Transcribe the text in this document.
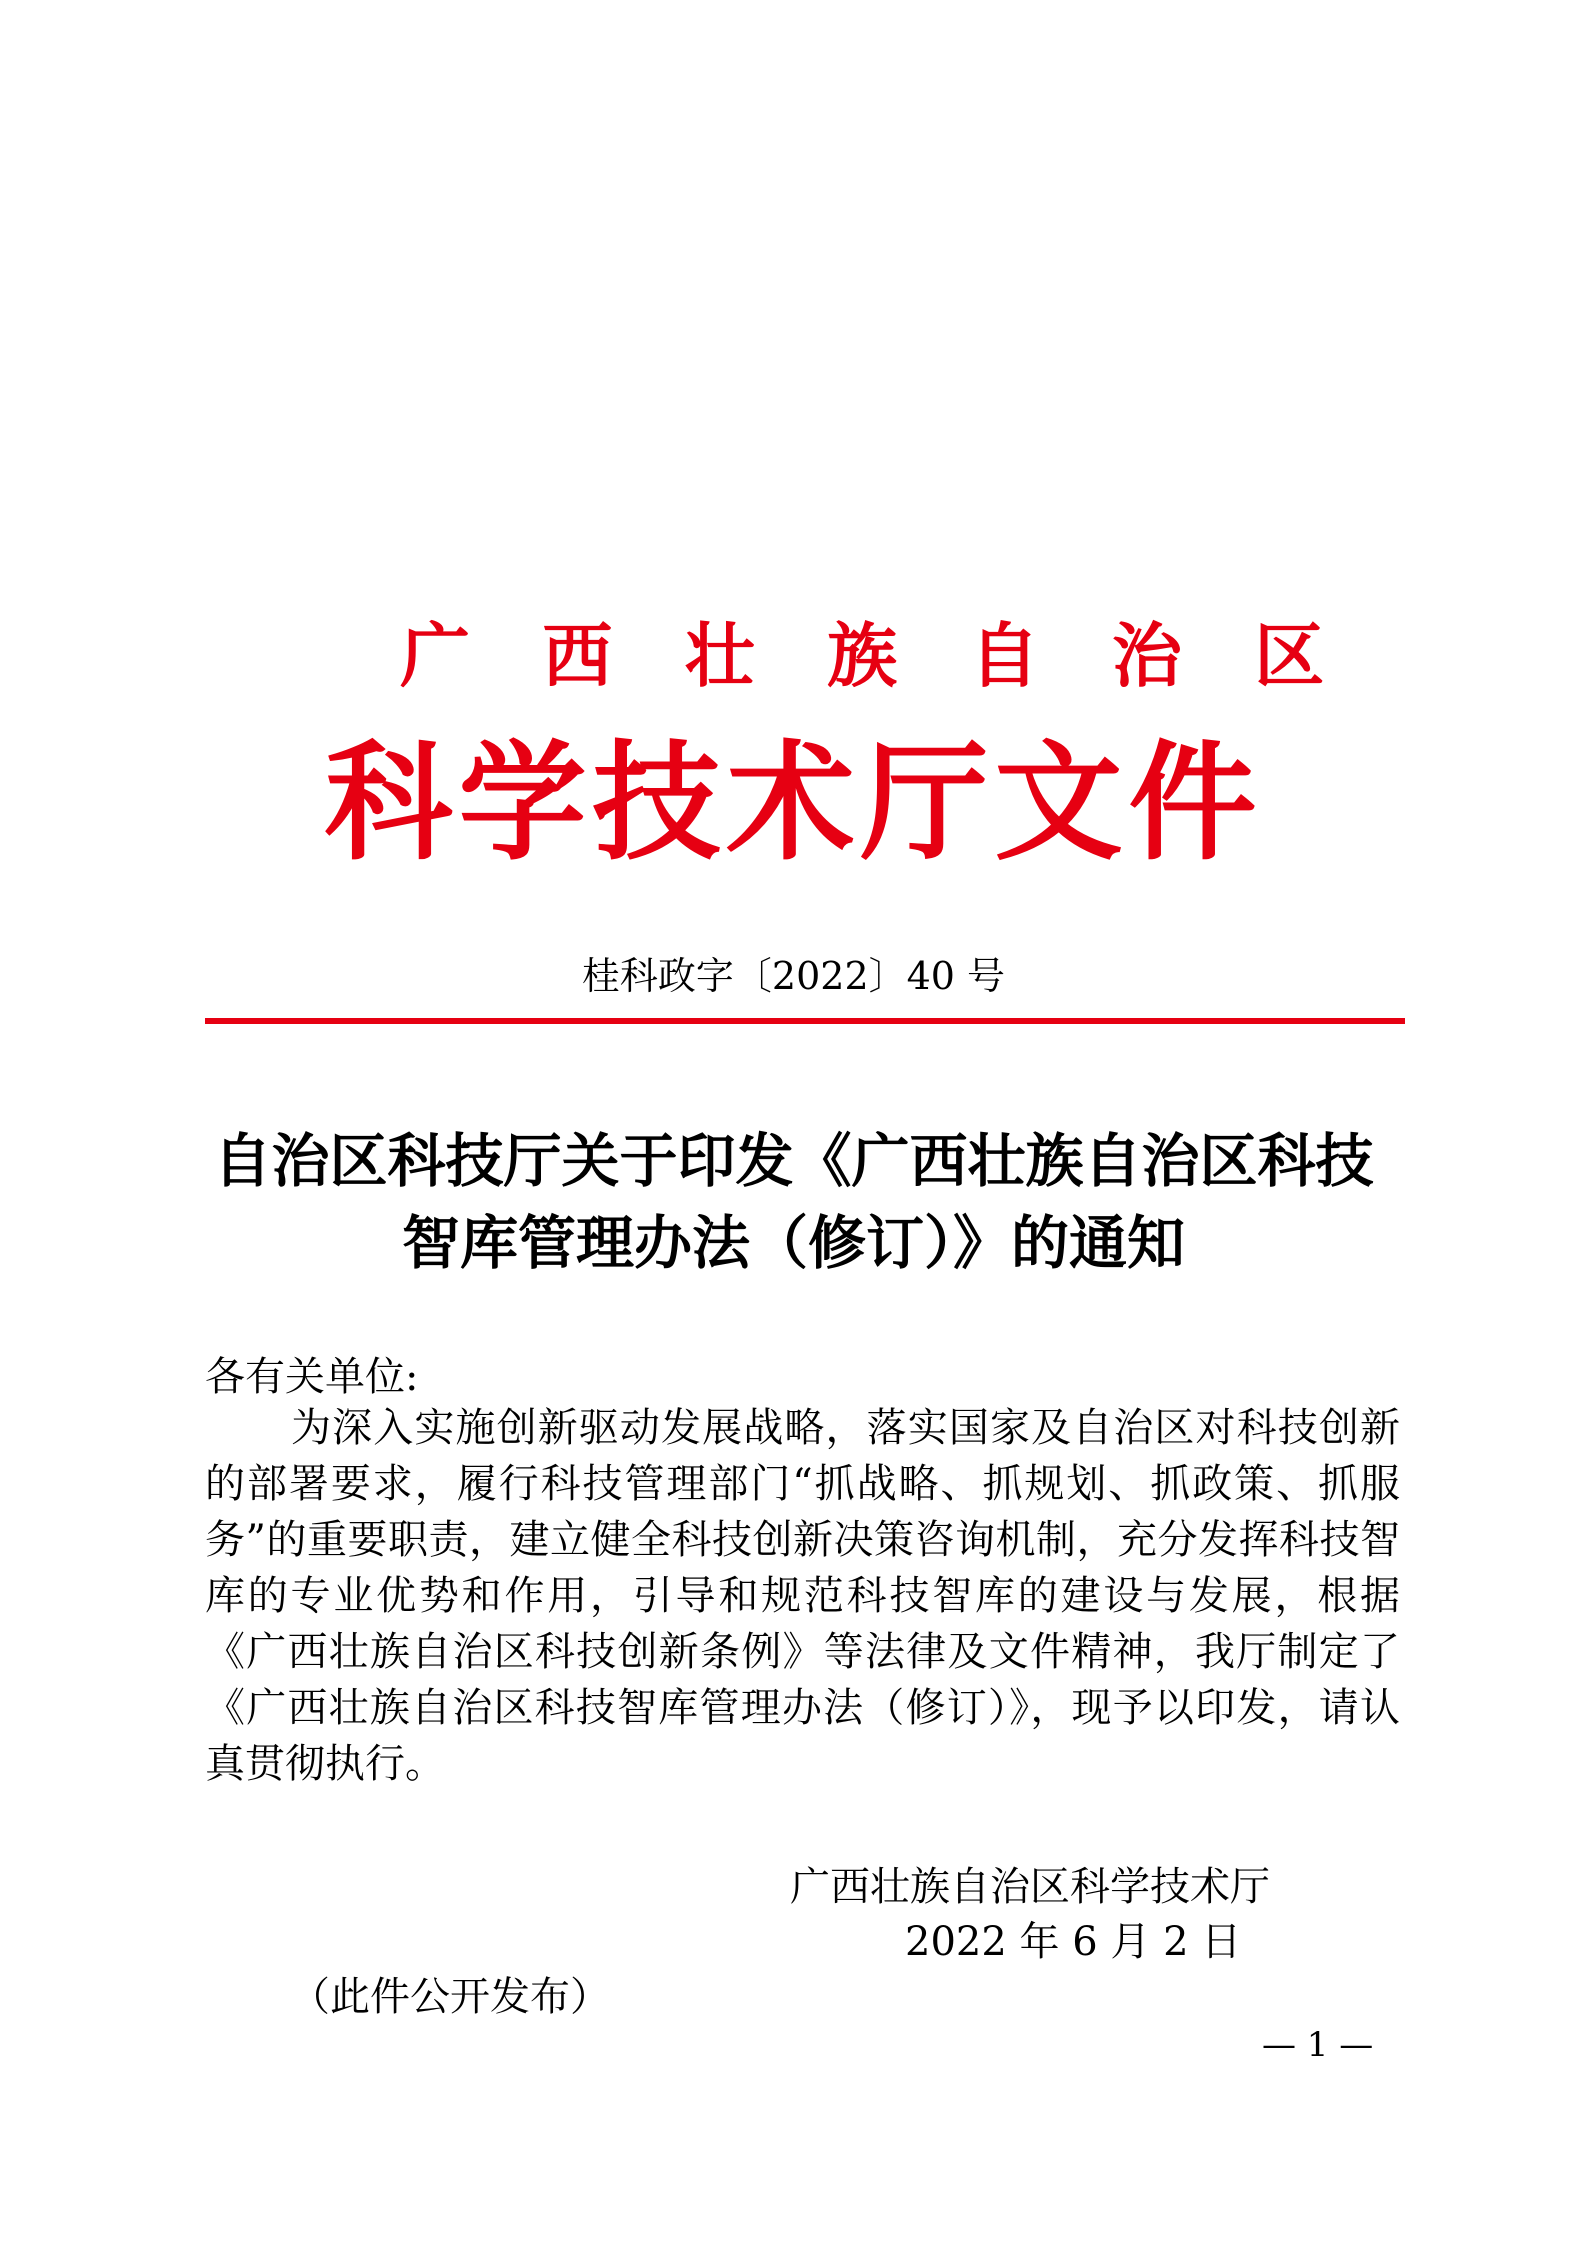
广 西 壮 族 自 治 区
科学技术厅文件
桂科政字〔2022〕40 号
自治区科技厅关于印发《广西壮族自治区科技智库管理办法（修订）》的通知
各有关单位:
为深入实施创新驱动发展战略，落实国家及自治区对科技创新的部署要求，履行科技管理部门“抓战略、抓规划、抓政策、抓服务”的重要职责，建立健全科技创新决策咨询机制，充分发挥科技智库的专业优势和作用，引导和规范科技智库的建设与发展，根据《广西壮族自治区科技创新条例》等法律及文件精神，我厅制定了《广西壮族自治区科技智库管理办法（修订）》，现予以印发，请认真贯彻执行。
广西壮族自治区科学技术厅
2022 年 6 月 2 日
（此件公开发布）
— 1 —
